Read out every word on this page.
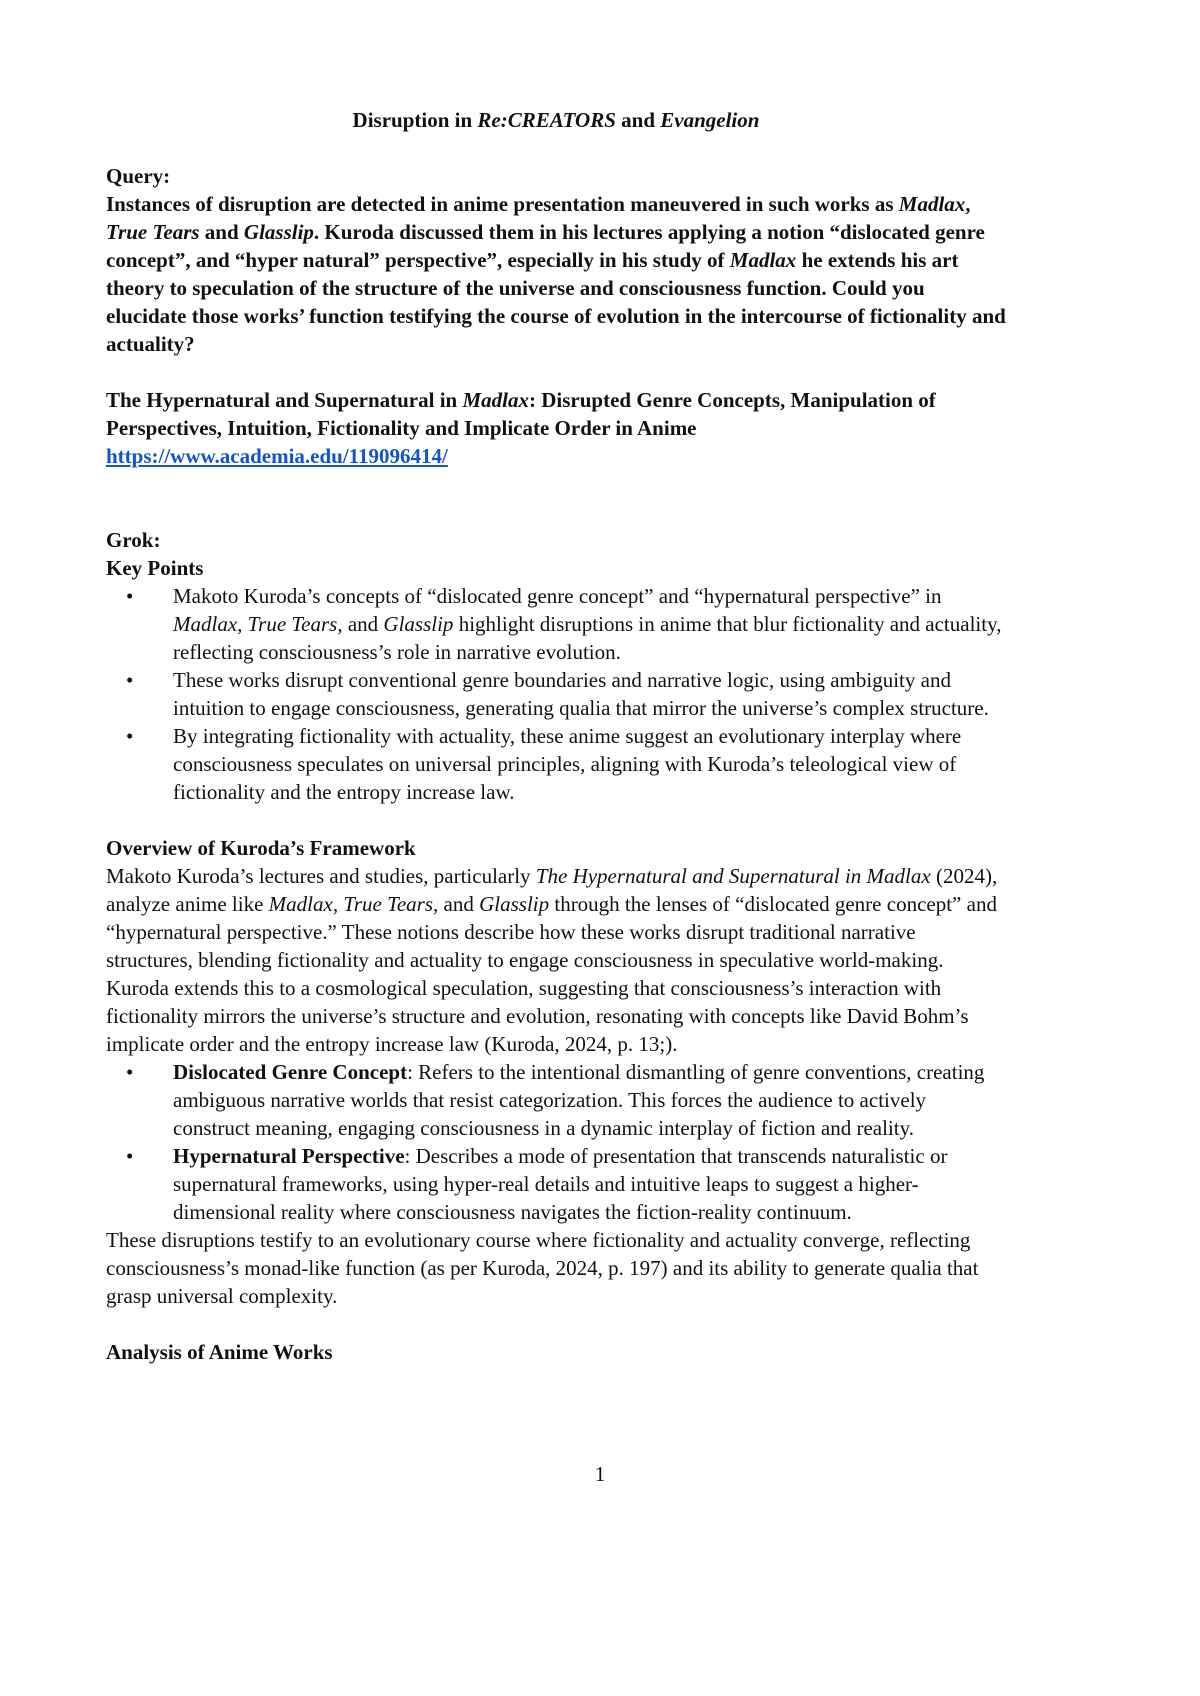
Disruption in Re:CREATORS and Evangelion

Query:

Instances of disruption are detected in anime presentation maneuvered in such works as Madlax, True Tears and Glasslip. Kuroda discussed them in his lectures applying a notion “dislocated genre concept”, and “hyper natural” perspective”, especially in his study of Madlax he extends his art theory to speculation of the structure of the universe and consciousness function. Could you elucidate those works’ function testifying the course of evolution in the intercourse of fictionality and actuality?

The Hypernatural and Supernatural in Madlax: Disrupted Genre Concepts, Manipulation of Perspectives, Intuition, Fictionality and Implicate Order in Anime

https://www.academia.edu/119096414/

Grok:

Key Points

• Makoto Kuroda’s concepts of “dislocated genre concept” and “hypernatural perspective” in Madlax, True Tears, and Glasslip highlight disruptions in anime that blur fictionality and actuality, reflecting consciousness’s role in narrative evolution.
• These works disrupt conventional genre boundaries and narrative logic, using ambiguity and intuition to engage consciousness, generating qualia that mirror the universe’s complex structure.
• By integrating fictionality with actuality, these anime suggest an evolutionary interplay where consciousness speculates on universal principles, aligning with Kuroda’s teleological view of fictionality and the entropy increase law.

Overview of Kuroda’s Framework

Makoto Kuroda’s lectures and studies, particularly The Hypernatural and Supernatural in Madlax (2024), analyze anime like Madlax, True Tears, and Glasslip through the lenses of “dislocated genre concept” and “hypernatural perspective.” These notions describe how these works disrupt traditional narrative structures, blending fictionality and actuality to engage consciousness in speculative world-making. Kuroda extends this to a cosmological speculation, suggesting that consciousness’s interaction with fictionality mirrors the universe’s structure and evolution, resonating with concepts like David Bohm’s implicate order and the entropy increase law (Kuroda, 2024, p. 13;).

• Dislocated Genre Concept: Refers to the intentional dismantling of genre conventions, creating ambiguous narrative worlds that resist categorization. This forces the audience to actively construct meaning, engaging consciousness in a dynamic interplay of fiction and reality.
• Hypernatural Perspective: Describes a mode of presentation that transcends naturalistic or supernatural frameworks, using hyper-real details and intuitive leaps to suggest a higher-dimensional reality where consciousness navigates the fiction-reality continuum.

These disruptions testify to an evolutionary course where fictionality and actuality converge, reflecting consciousness’s monad-like function (as per Kuroda, 2024, p. 197) and its ability to generate qualia that grasp universal complexity.

Analysis of Anime Works

1
